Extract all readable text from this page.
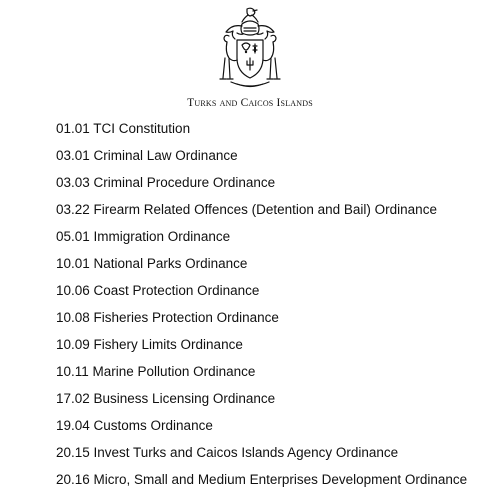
Turks and Caicos Islands
01.01 TCI Constitution
03.01 Criminal Law Ordinance
03.03 Criminal Procedure Ordinance
03.22 Firearm Related Offences (Detention and Bail) Ordinance
05.01 Immigration Ordinance
10.01 National Parks Ordinance
10.06 Coast Protection Ordinance
10.08 Fisheries Protection Ordinance
10.09 Fishery Limits Ordinance
10.11 Marine Pollution Ordinance
17.02 Business Licensing Ordinance
19.04 Customs Ordinance
20.15 Invest Turks and Caicos Islands Agency Ordinance
20.16 Micro, Small and Medium Enterprises Development Ordinance
